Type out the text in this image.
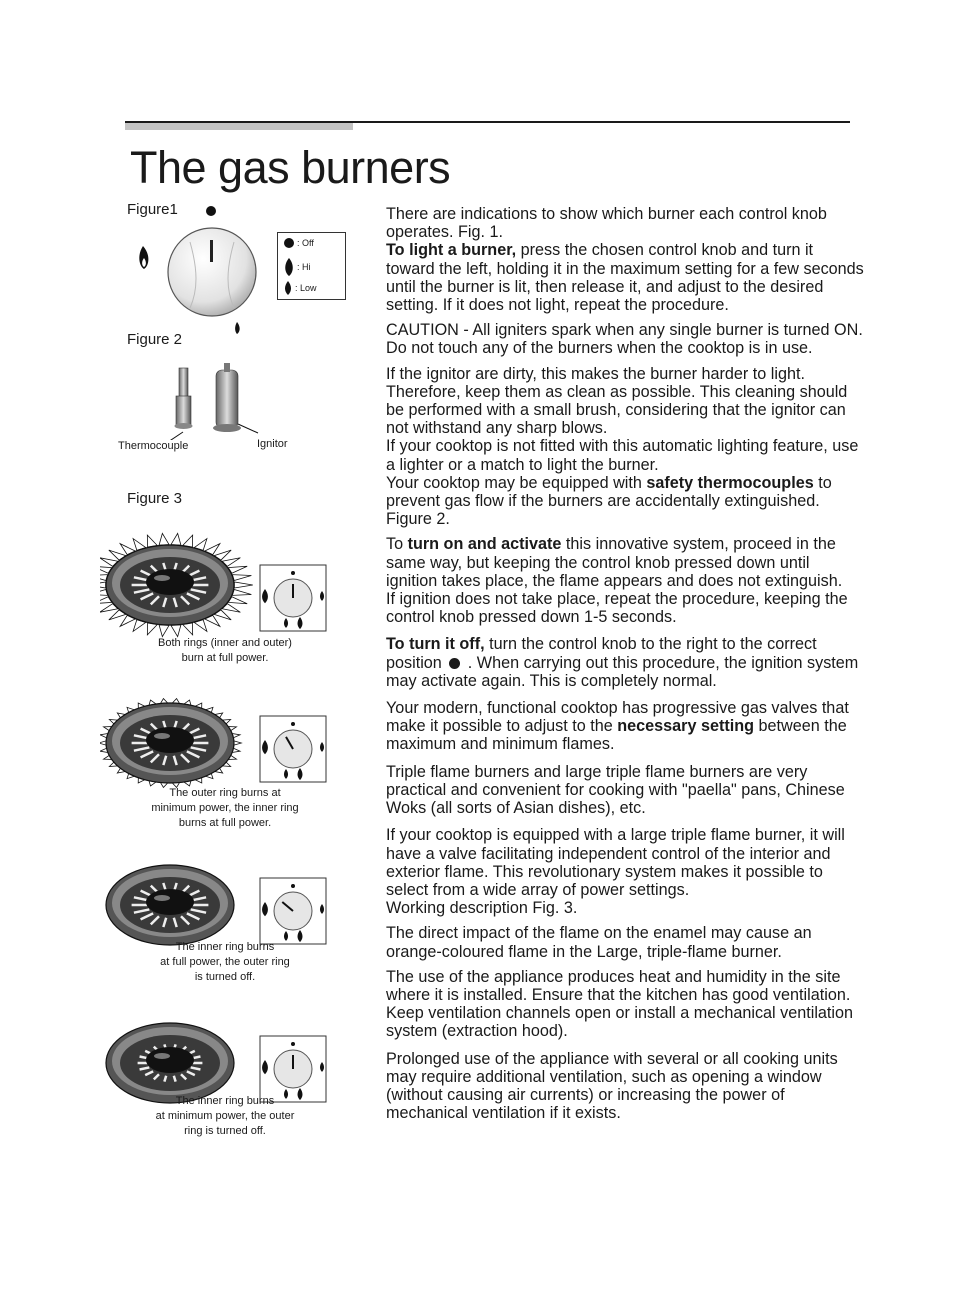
The gas burners
Figure1
: Off
: Hi
: Low
Figure 2
Thermocouple	Ignitor
Figure 3
Both rings (inner and outer)
burn at full power.
The outer ring burns at
minimum power, the inner ring
burns at full power.
The inner ring burns
at full power, the outer ring
is turned off.
The inner ring burns
at minimum power, the outer
ring is turned off.

There are indications to show which burner each control knob operates. Fig. 1.

To light a burner, press the chosen control knob and turn it toward the left, holding it in the maximum setting for a few seconds until the burner is lit, then release it, and adjust to the desired setting. If it does not light, repeat the procedure.

CAUTION - All igniters spark when any single burner is turned ON. Do not touch any of the burners when the cooktop is in use.

If the ignitor are dirty, this makes the burner harder to light. Therefore, keep them as clean as possible. This cleaning should be performed with a small brush, considering that the ignitor can not withstand any sharp blows.

If your cooktop is not fitted with this automatic lighting feature, use a lighter or a match to light the burner.

Your cooktop may be equipped with safety thermocouples to prevent gas flow if the burners are accidentally extinguished. Figure 2.

To turn on and activate this innovative system, proceed in the same way, but keeping the control knob pressed down until ignition takes place, the flame appears and does not extinguish.

If ignition does not take place, repeat the procedure, keeping the control knob pressed down 1-5 seconds.

To turn it off, turn the control knob to the right to the correct position  . When carrying out this procedure, the ignition system may activate again. This is completely normal.

Your modern, functional cooktop has progressive gas valves that make it possible to adjust to the necessary setting between the maximum and minimum flames.

Triple flame burners and large triple flame burners are very practical and convenient for cooking with "paella" pans, Chinese Woks (all sorts of Asian dishes), etc.

If your cooktop is equipped with a large triple flame burner, it will have a valve facilitating independent control of the interior and exterior flame. This revolutionary system makes it possible to select from a wide array of power settings.

Working description Fig. 3.

The direct impact of the flame on the enamel may cause an orange-coloured flame in the Large, triple-flame burner.

The use of the appliance produces heat and humidity in the site where it is installed. Ensure that the kitchen has good ventilation. Keep ventilation channels open or install a mechanical ventilation system (extraction hood).

Prolonged use of the appliance with several or all cooking units may require additional ventilation, such as opening a window (without causing air currents) or increasing the power of mechanical ventilation if it exists.
